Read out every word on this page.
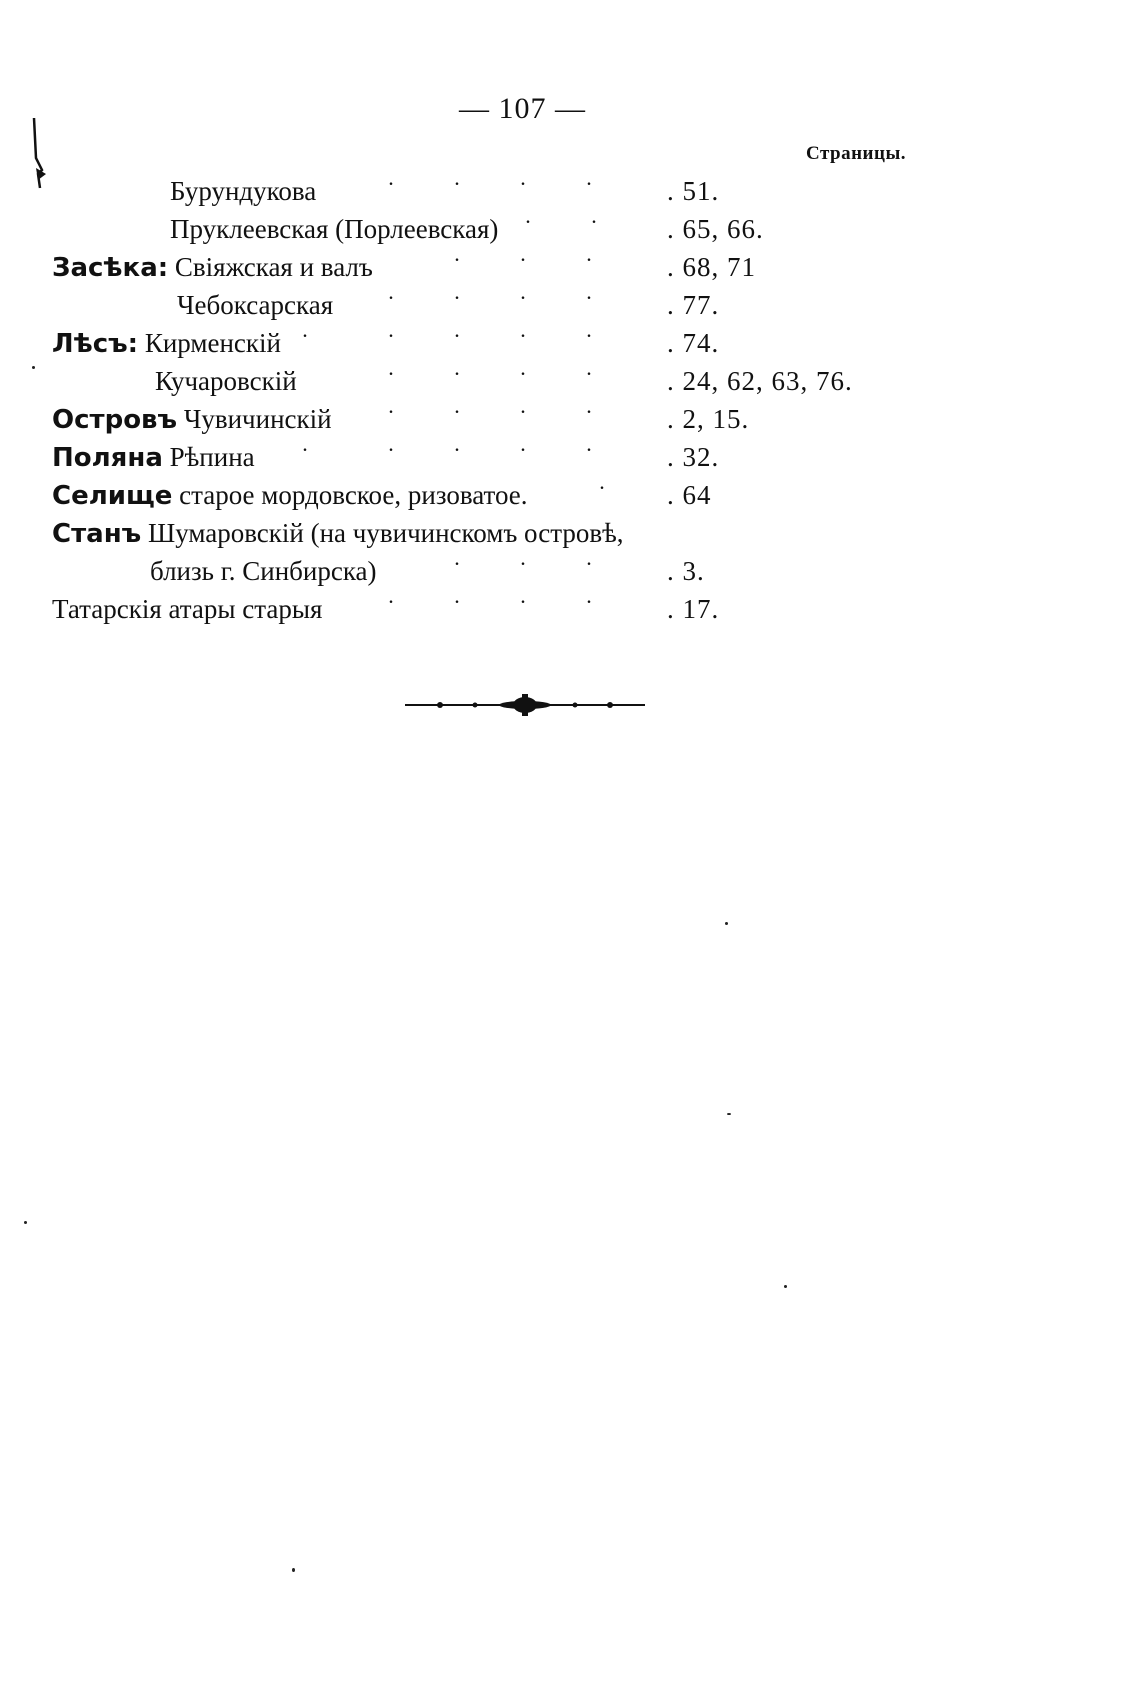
— 107 —
Страницы.
Бурундукова	.	.	.	.	. 51.
Пруклеевская (Порлеевская) .	.	. 65, 66.
Засѣка: Свіяжская и валъ	.	.	.	. 68, 71
Чебоксарская	.	.	.	.	. 77.
Лѣсъ: Кирменскій .	.	.	.	.	. 74.
Кучаровскій	.	.	.	.	. 24, 62, 63, 76.
Островъ Чувичинскій	.	.	.	.	. 2, 15.
Поляна Рѣпина	.	.	.	.	.	. 32.
Селище старое мордовское, ризоватое.	.	. 64
Станъ Шумаровскій (на чувичинскомъ островѣ,
близь г. Синбирска)	.	.	.	. 3.
Татарскія атары старыя	.	.	.	.	. 17.
